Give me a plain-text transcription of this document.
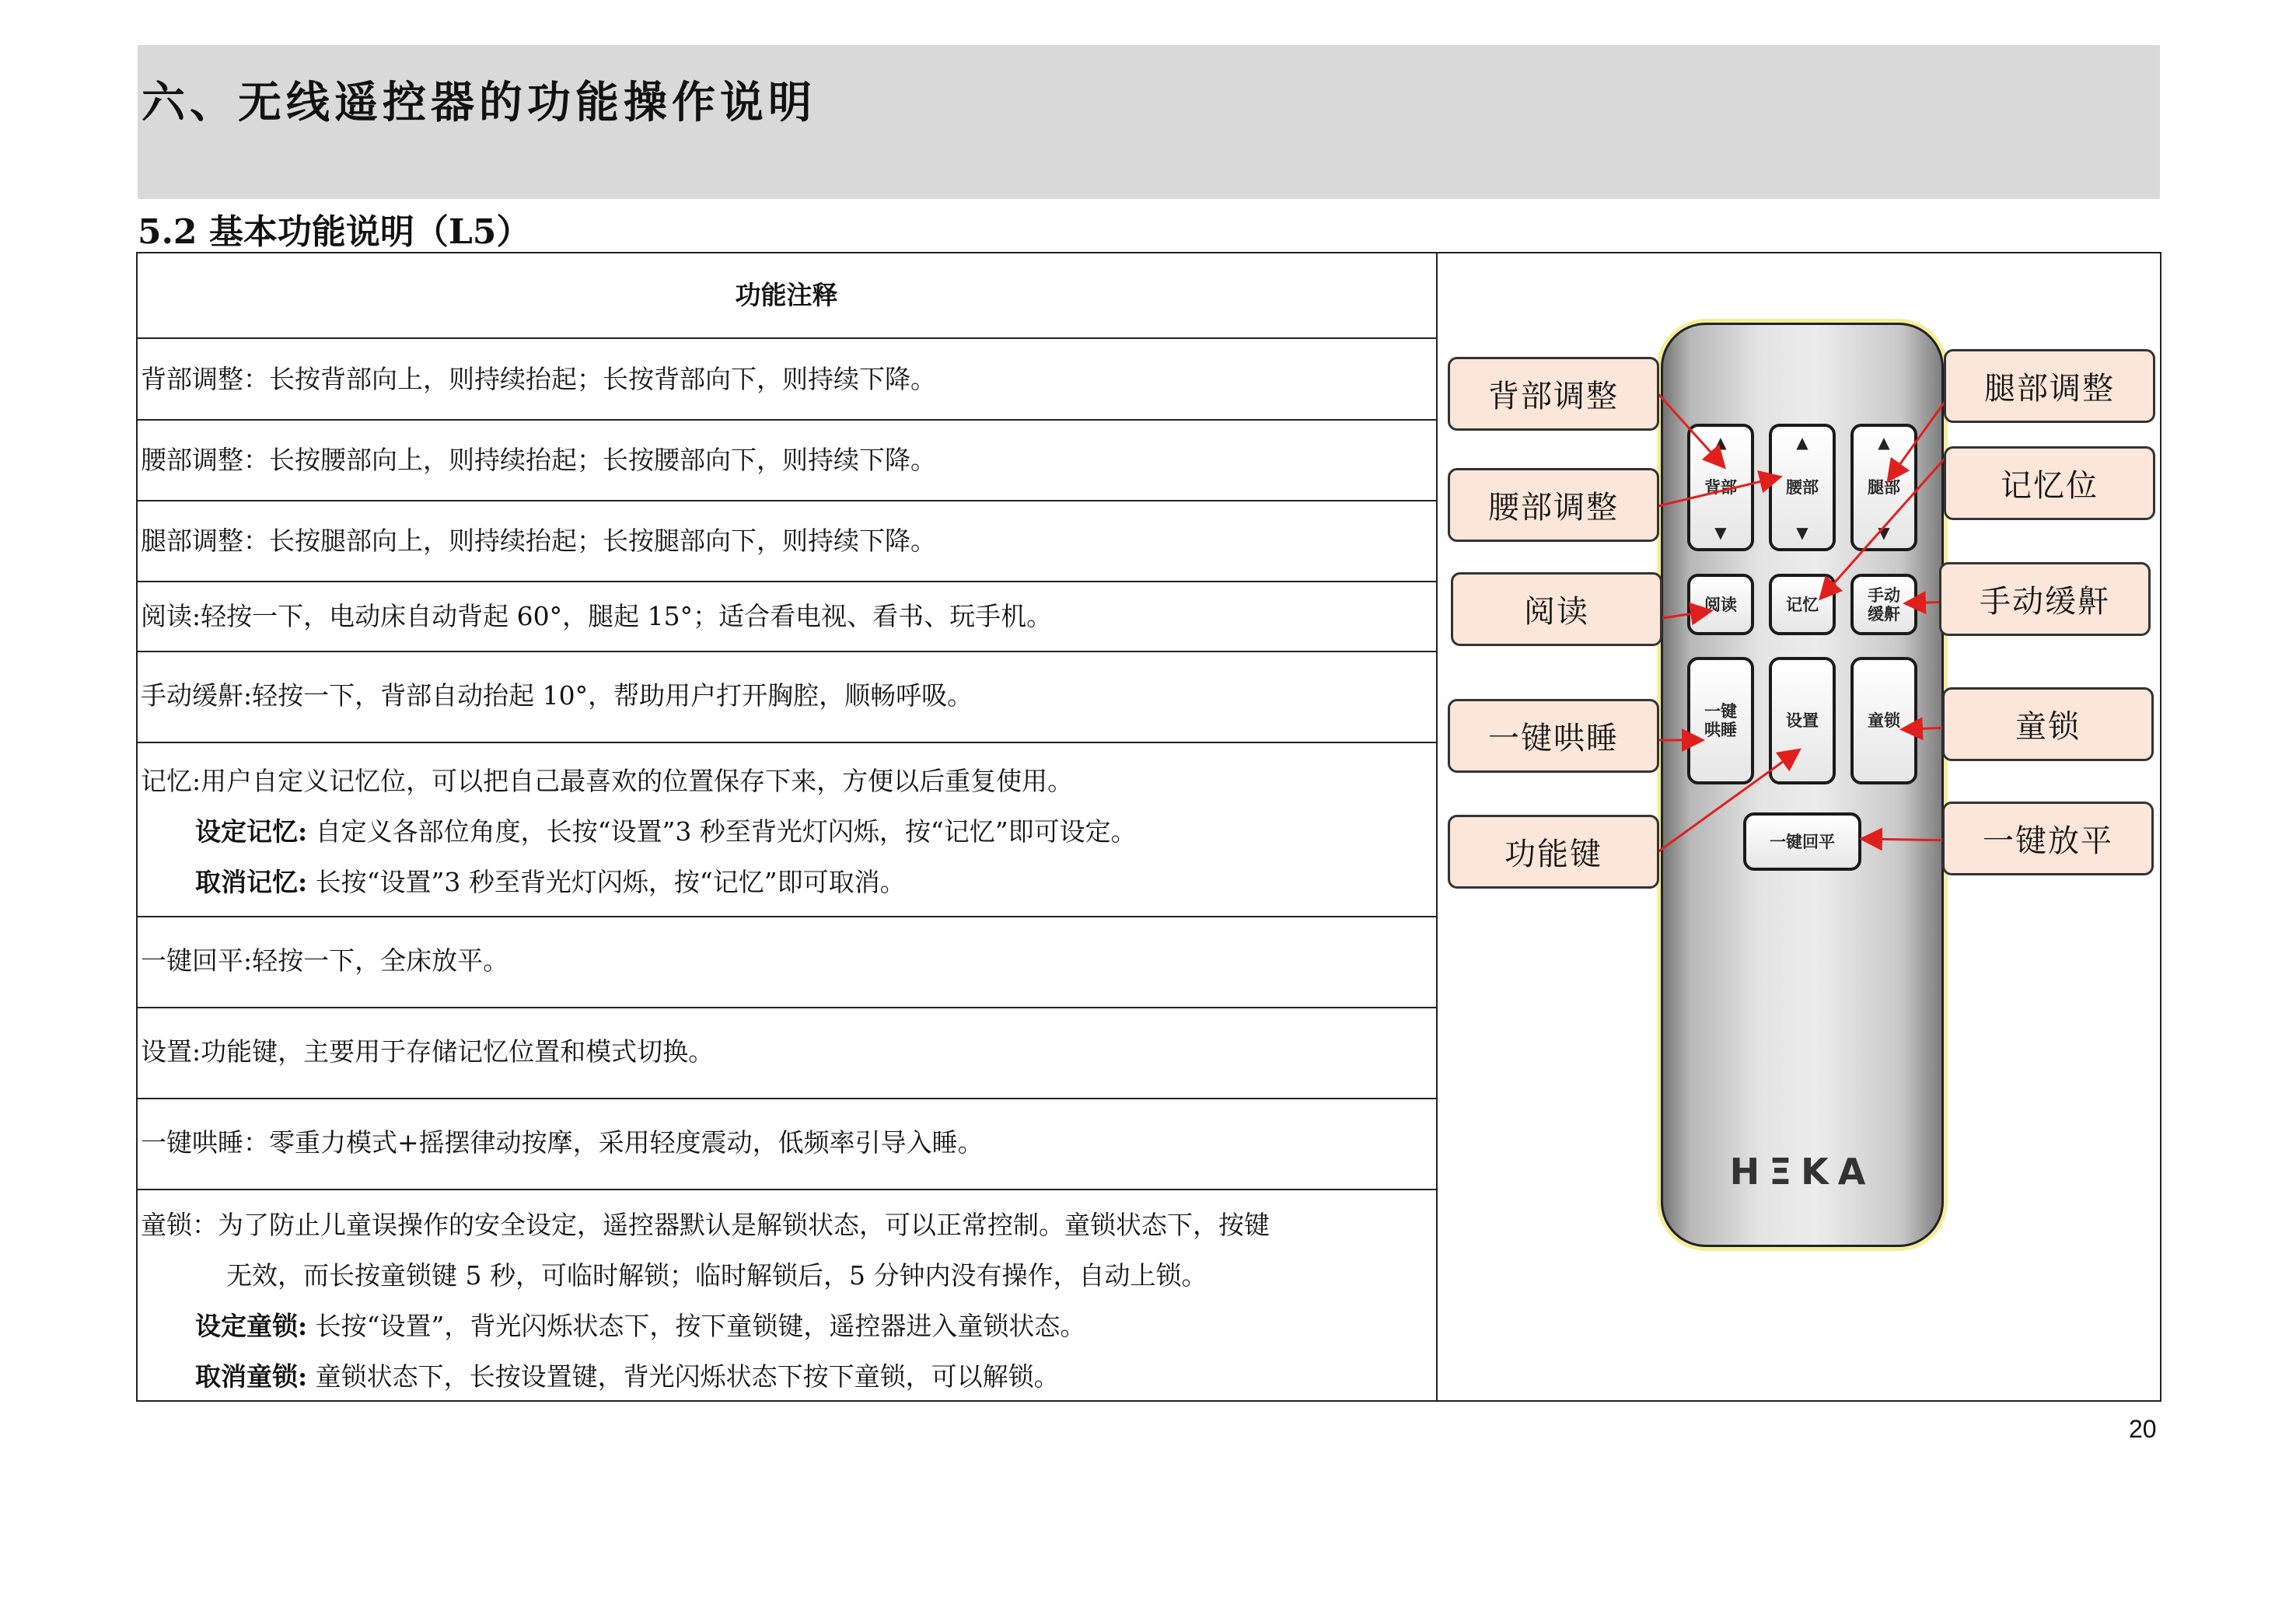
六、无线遥控器的功能操作说明
5.2 基本功能说明（L5）
功能注释
背部调整：长按背部向上，则持续抬起；长按背部向下，则持续下降。
腰部调整：长按腰部向上，则持续抬起；长按腰部向下，则持续下降。
腿部调整：长按腿部向上，则持续抬起；长按腿部向下，则持续下降。
阅读:轻按一下，电动床自动背起 60°，腿起 15°；适合看电视、看书、玩手机。
手动缓鼾:轻按一下，背部自动抬起 10°，帮助用户打开胸腔，顺畅呼吸。
记忆:用户自定义记忆位，可以把自己最喜欢的位置保存下来，方便以后重复使用。
设定记忆: 自定义各部位角度，长按“设置”3 秒至背光灯闪烁，按“记忆”即可设定。
取消记忆: 长按“设置”3 秒至背光灯闪烁，按“记忆”即可取消。
一键回平:轻按一下，全床放平。
设置:功能键，主要用于存储记忆位置和模式切换。
一键哄睡：零重力模式+摇摆律动按摩，采用轻度震动，低频率引导入睡。
童锁：为了防止儿童误操作的安全设定，遥控器默认是解锁状态，可以正常控制。童锁状态下，按键
无效，而长按童锁键 5 秒，可临时解锁；临时解锁后，5 分钟内没有操作，自动上锁。
设定童锁: 长按“设置”，背光闪烁状态下，按下童锁键，遥控器进入童锁状态。
取消童锁: 童锁状态下，长按设置键，背光闪烁状态下按下童锁，可以解锁。
▲
背部
▼
▲
腰部
▼
▲
腿部
▼
阅读	记忆	手动缓鼾
一键哄睡	设置	童锁
一键回平
HΞKA
背部调整
腰部调整
阅读
一键哄睡
功能键
腿部调整
记忆位
手动缓鼾
童锁
一键放平
20
